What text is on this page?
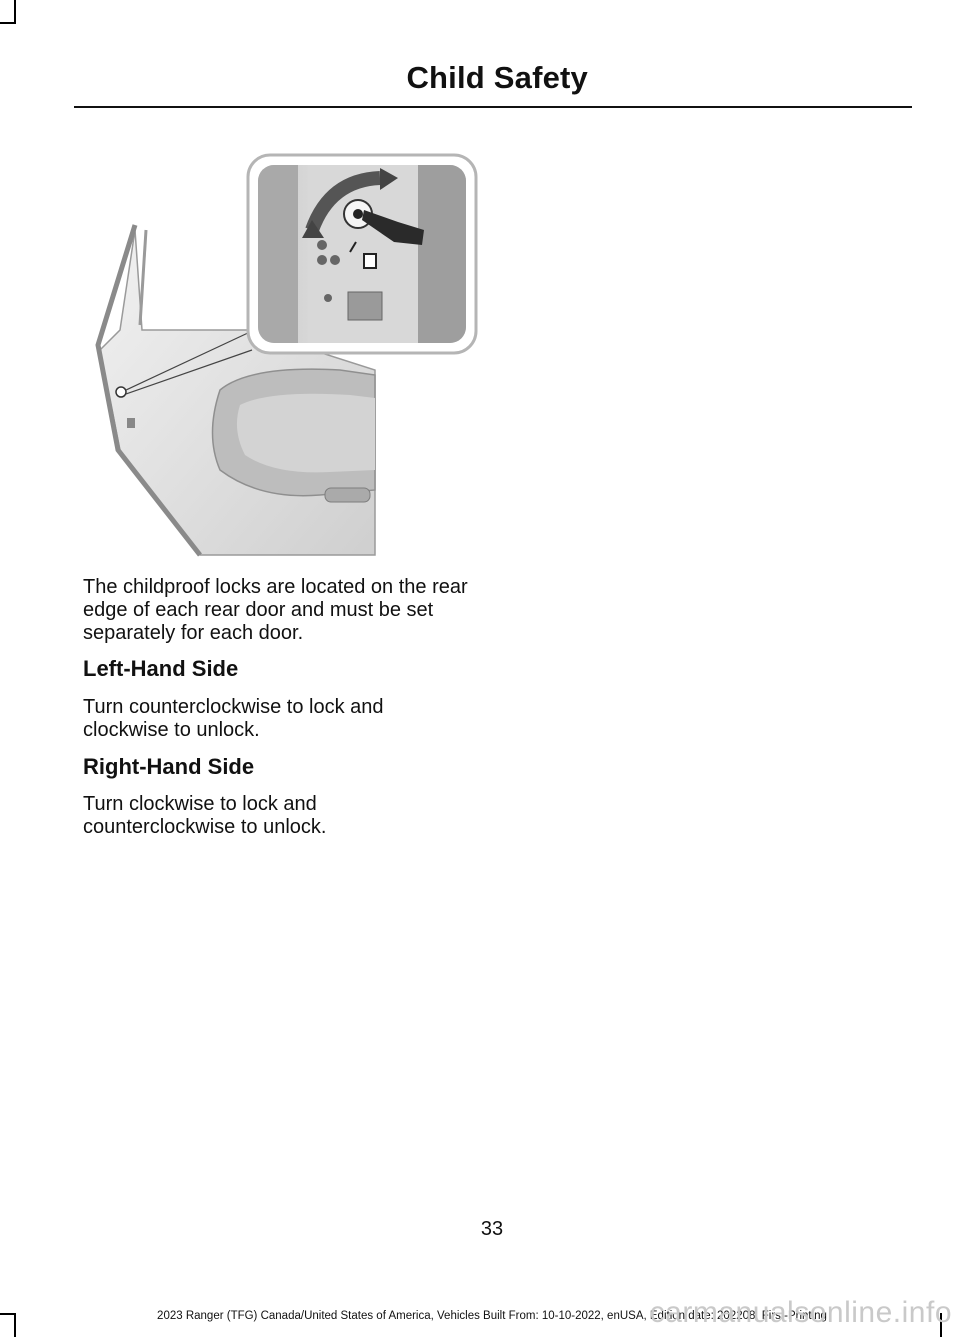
Child Safety
The childproof locks are located on the rear edge of each rear door and must be set separately for each door.
Left-Hand Side
Turn counterclockwise to lock and clockwise to unlock.
Right-Hand Side
Turn clockwise to lock and counterclockwise to unlock.
33
2023 Ranger (TFG) Canada/United States of America, Vehicles Built From: 10-10-2022, enUSA, Edition date: 202208, First-Printing
carmanualsonline.info
